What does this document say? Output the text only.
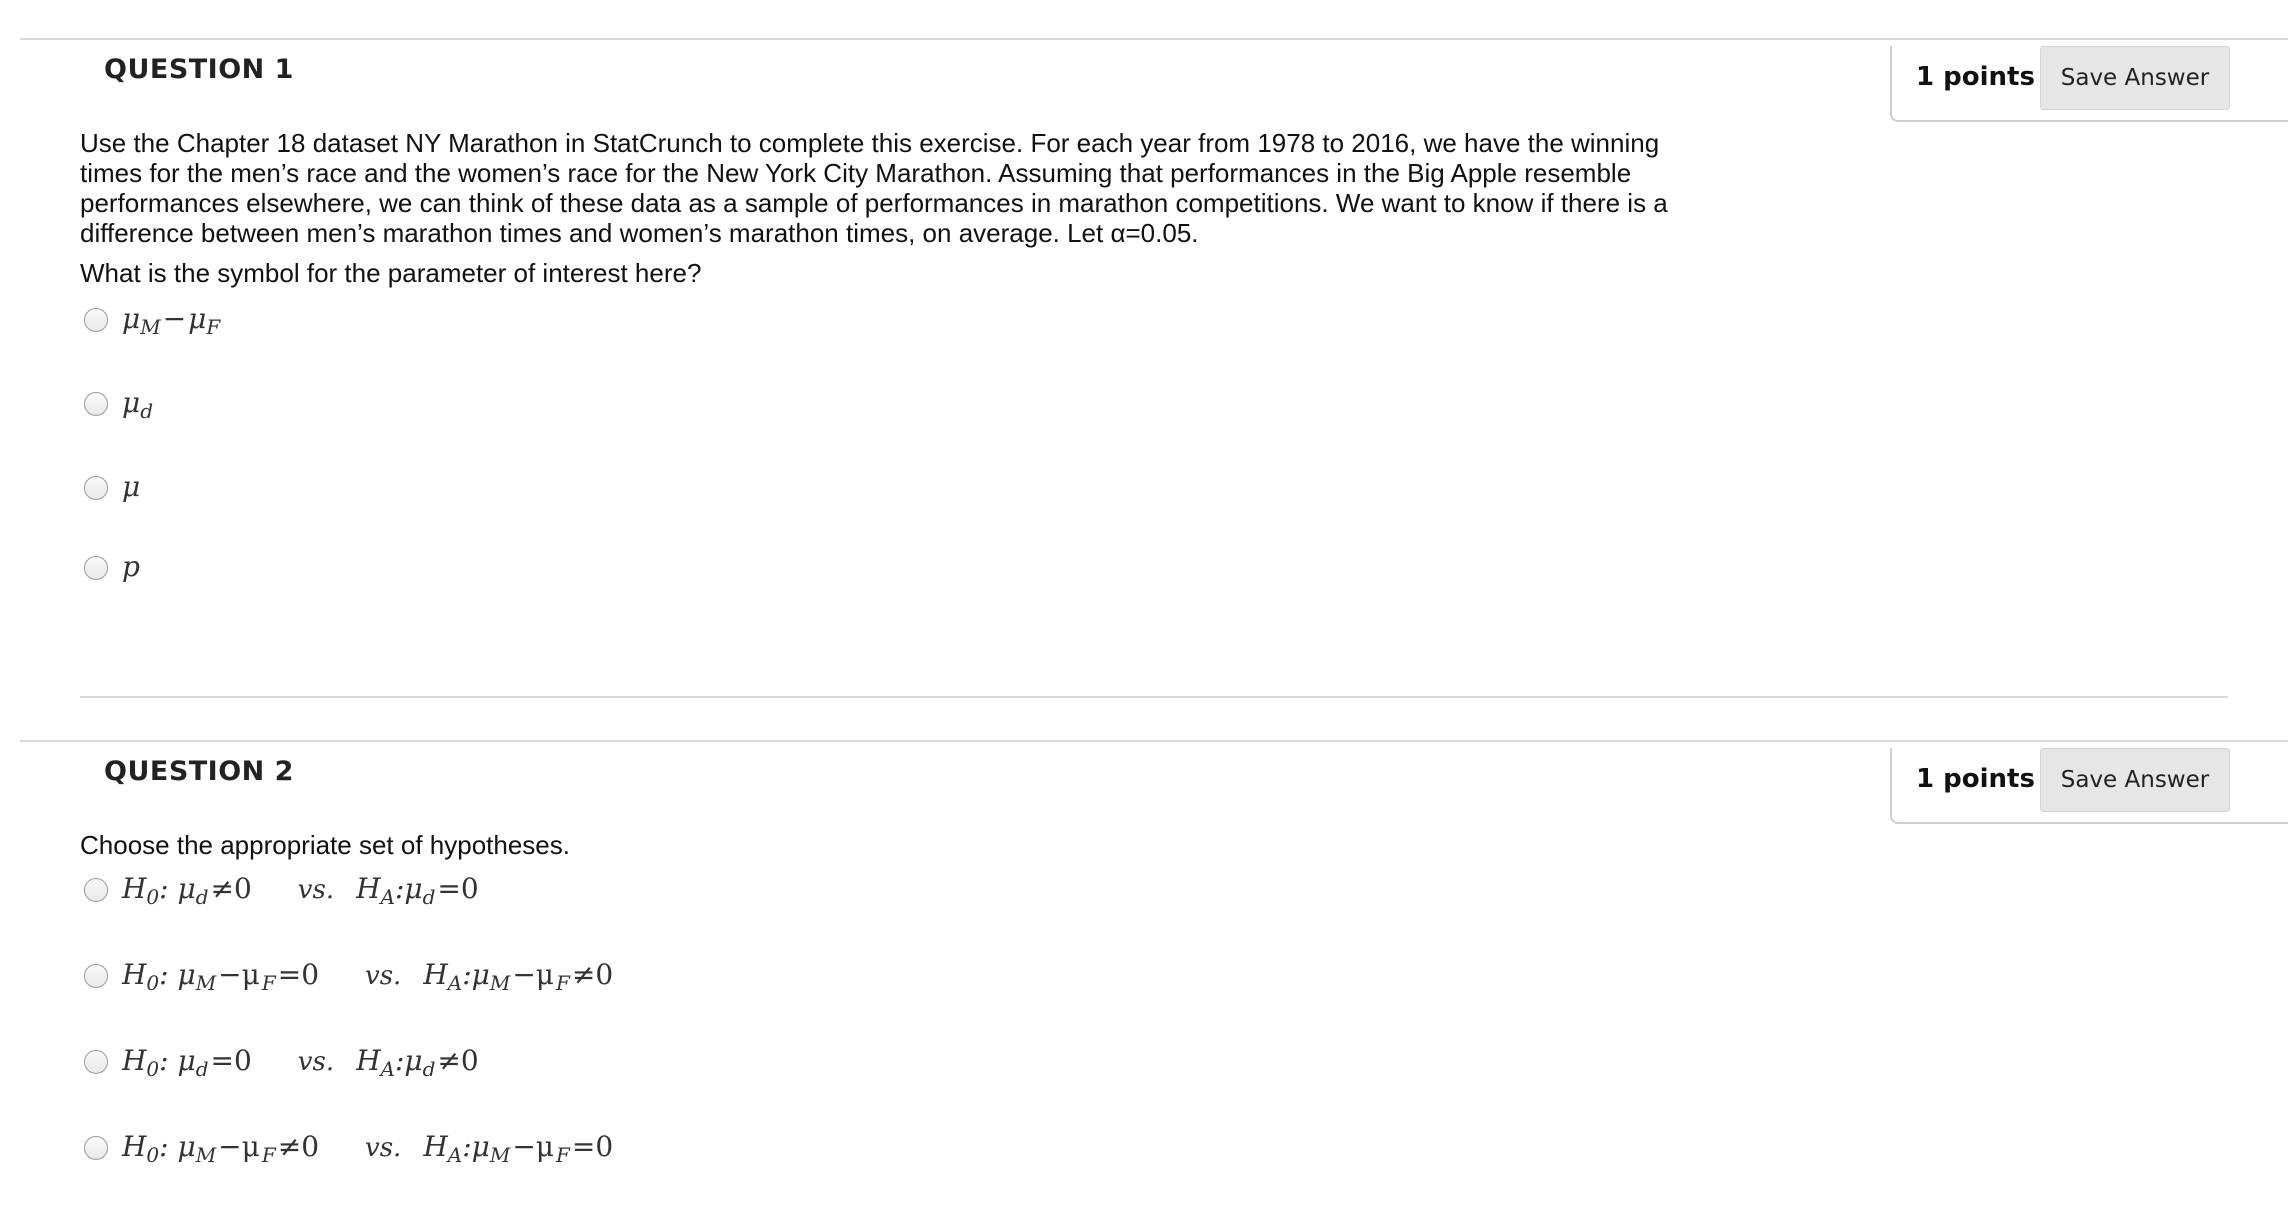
QUESTION 1	1 points	Save Answer
Use the Chapter 18 dataset NY Marathon in StatCrunch to complete this exercise. For each year from 1978 to 2016, we have the winning times for the men’s race and the women’s race for the New York City Marathon. Assuming that performances in the Big Apple resemble performances elsewhere, we can think of these data as a sample of performances in marathon competitions. We want to know if there is a difference between men’s marathon times and women’s marathon times, on average. Let α=0.05.
What is the symbol for the parameter of interest here?
$\mu_M-\mu_F$
$\mu_d$
μ
p
QUESTION 2	1 points	Save Answer
Choose the appropriate set of hypotheses.
$H_0$: $\mu_d\ne 0$ vs. $H_A:\mu_d=0$
$H_0$: $\mu_M-\mu$ $_F$=0 vs. $H_A:\mu_M-\mu$ $_F$≠0
$H_0$: $\mu_d=0$ vs. $H_A:\mu_d\ne 0$
$H_0$: $\mu_M-\mu$ $_F$≠0 vs. $H_A:\mu_M-\mu$ $_F$=0
